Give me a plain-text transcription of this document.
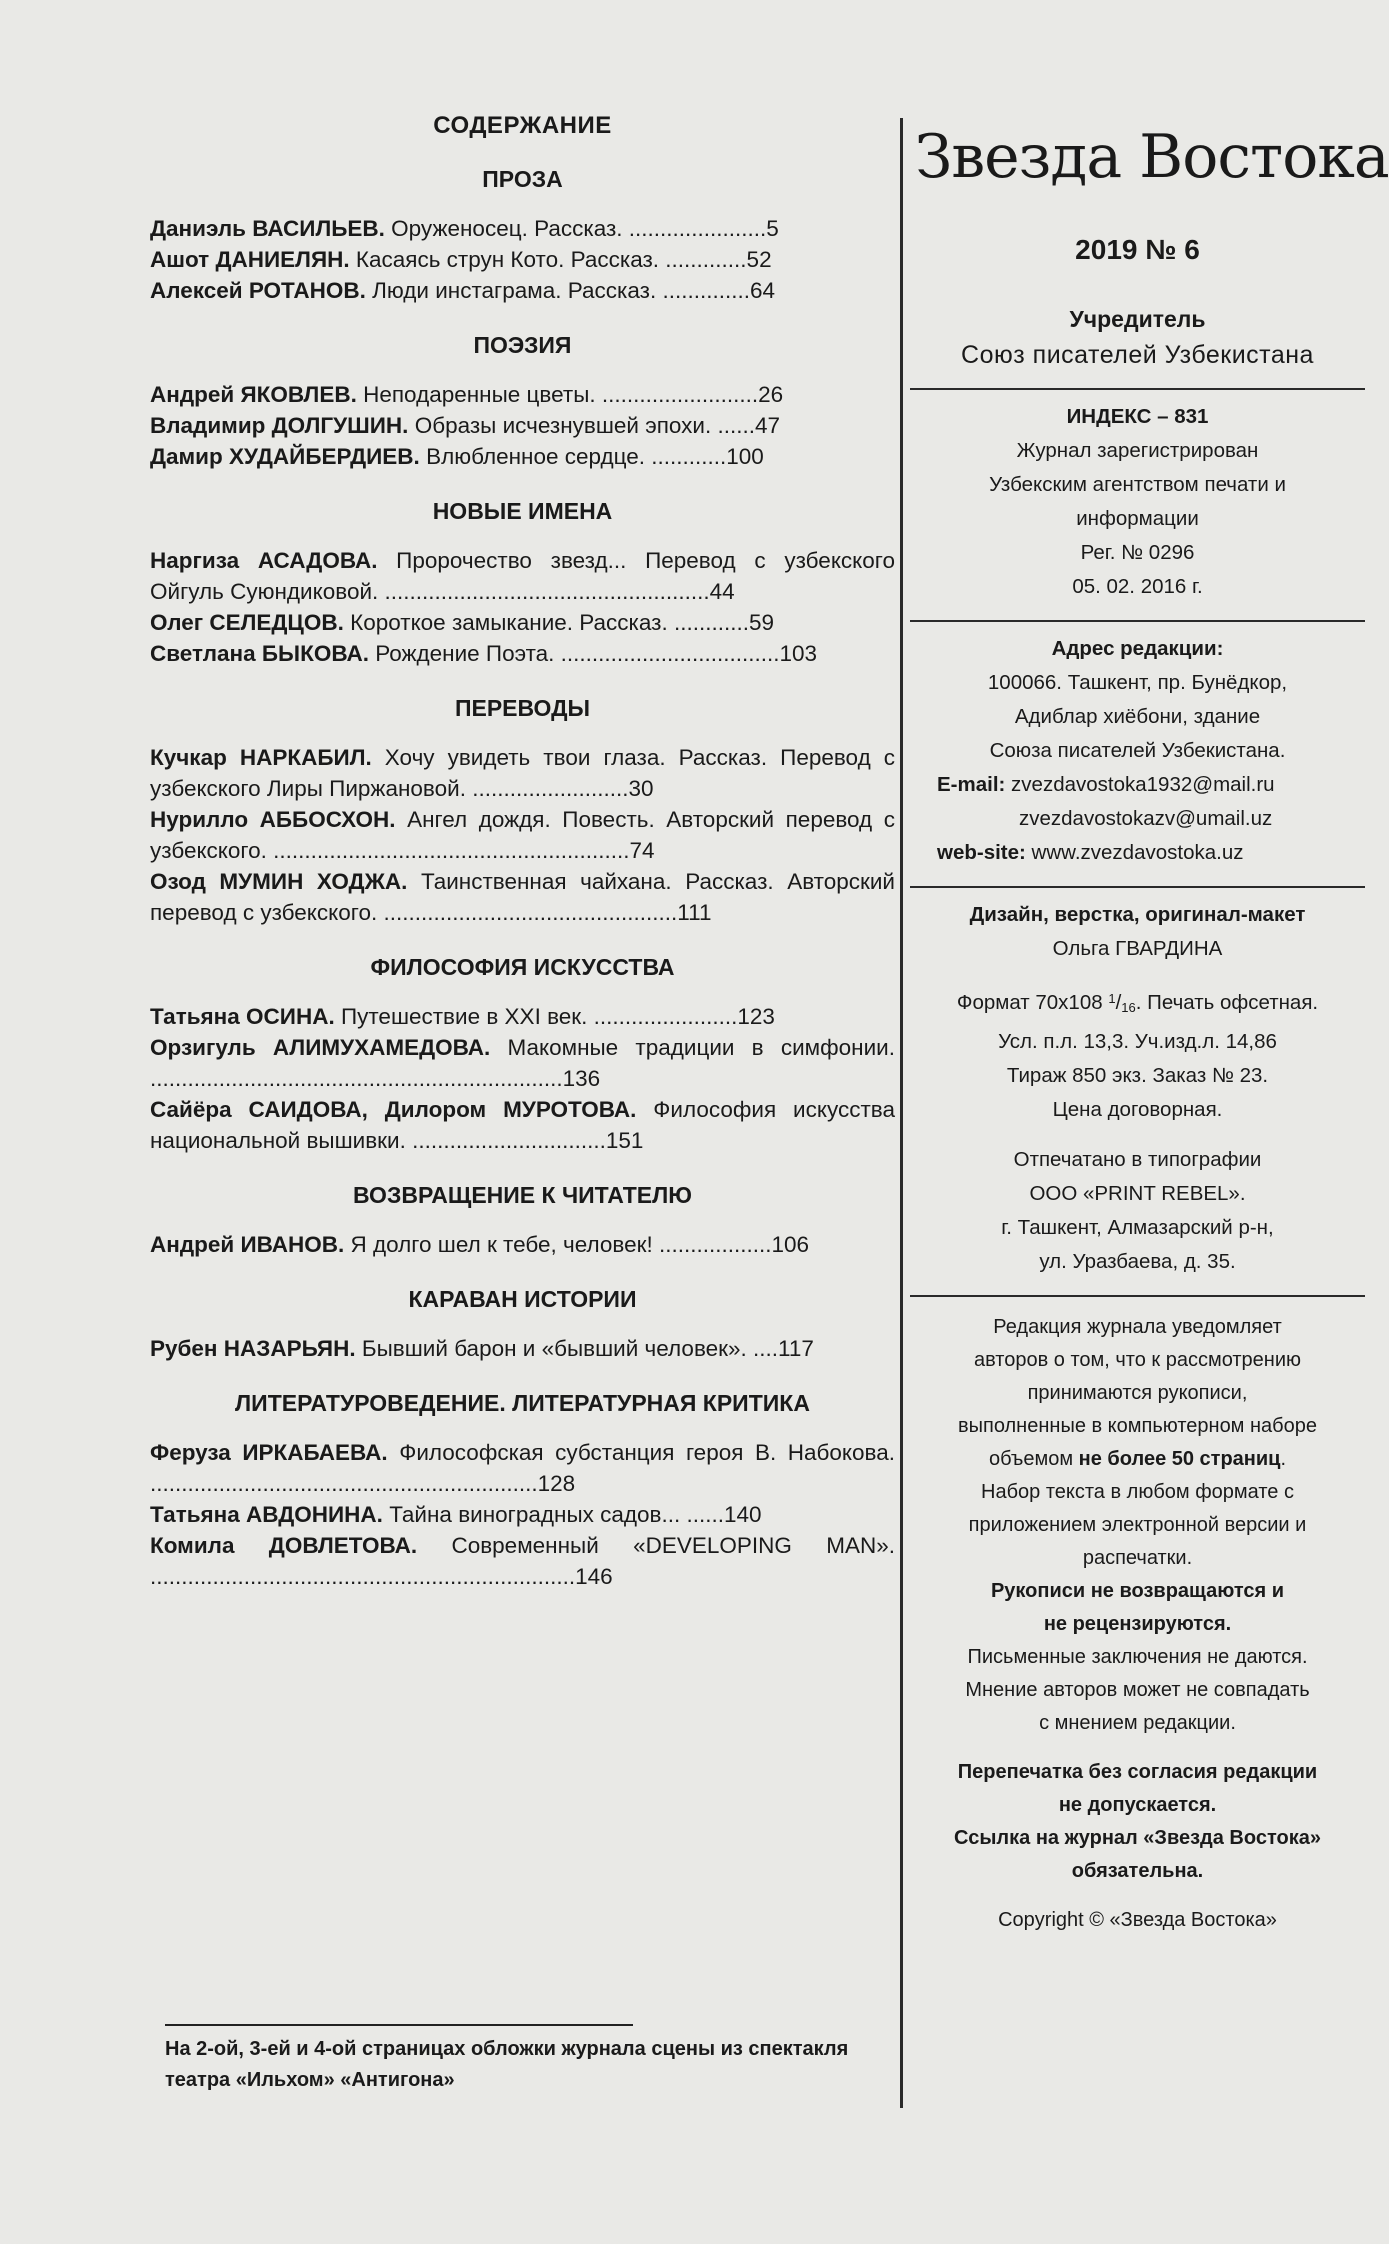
СОДЕРЖАНИЕ
ПРОЗА
Даниэль ВАСИЛЬЕВ. Оруженосец. Рассказ. ......................5
Ашот ДАНИЕЛЯН. Касаясь струн Кото. Рассказ. .............52
Алексей РОТАНОВ. Люди инстаграма. Рассказ. ..............64
ПОЭЗИЯ
Андрей ЯКОВЛЕВ. Неподаренные цветы. .........................26
Владимир ДОЛГУШИН. Образы исчезнувшей эпохи. ......47
Дамир ХУДАЙБЕРДИЕВ. Влюбленное сердце. ............100
НОВЫЕ ИМЕНА
Наргиза АСАДОВА. Пророчество звезд... Перевод с узбекского Ойгуль Суюндиковой. ....................................................44
Олег СЕЛЕДЦОВ. Короткое замыкание. Рассказ. ............59
Светлана БЫКОВА. Рождение Поэта. ...................................103
ПЕРЕВОДЫ
Кучкар НАРКАБИЛ. Хочу увидеть твои глаза. Рассказ. Перевод с узбекского Лиры Пиржановой. .........................30
Нурилло АББОСХОН. Ангел дождя. Повесть. Авторский перевод с узбекского. .........................................................74
Озод МУМИН ХОДЖА. Таинственная чайхана. Рассказ. Авторский перевод с узбекского. ...............................................111
ФИЛОСОФИЯ ИСКУССТВА
Татьяна ОСИНА. Путешествие в XXI век. .......................123
Орзигуль АЛИМУХАМЕДОВА. Макомные традиции в симфонии. ..................................................................136
Сайёра САИДОВА, Дилором МУРОТОВА. Философия искусства национальной вышивки. ...............................151
ВОЗВРАЩЕНИЕ К ЧИТАТЕЛЮ
Андрей ИВАНОВ. Я долго шел к тебе, человек! ..................106
КАРАВАН ИСТОРИИ
Рубен НАЗАРЬЯН. Бывший барон и «бывший человек». ....117
ЛИТЕРАТУРОВЕДЕНИЕ. ЛИТЕРАТУРНАЯ КРИТИКА
Феруза ИРКАБАЕВА. Философская субстанция героя В. Набокова. ..............................................................128
Татьяна АВДОНИНА. Тайна виноградных садов... ......140
Комила ДОВЛЕТОВА. Современный «DEVELOPING MAN». ....................................................................146
На 2-ой, 3-ей и 4-ой страницах обложки журнала сцены из спектакля театра «Ильхом» «Антигона»
Звезда Востока
2019 № 6
Учредитель
Союз писателей Узбекистана
ИНДЕКС – 831
Журнал зарегистрирован
Узбекским агентством печати и
информации
Рег. № 0296
05. 02. 2016 г.
Адрес редакции:
100066. Ташкент, пр. Бунёдкор,
Адиблар хиёбони, здание
Союза писателей Узбекистана.
E-mail: zvezdavostoka1932@mail.ru
zvezdavostokazv@umail.uz
web-site: www.zvezdavostoka.uz
Дизайн, верстка, оригинал-макет
Ольга ГВАРДИНА
Формат 70х108 $^1$/16. Печать офсетная.
Усл. п.л. 13,3. Уч.изд.л. 14,86
Тираж 850 экз. Заказ № 23.
Цена договорная.
Отпечатано в типографии
ООО «PRINT REBEL».
г. Ташкент, Алмазарский р-н,
ул. Уразбаева, д. 35.
Редакция журнала уведомляет
авторов о том, что к рассмотрению
принимаются рукописи,
выполненные в компьютерном наборе
объемом не более 50 страниц.
Набор текста в любом формате с
приложением электронной версии и
распечатки.
Рукописи не возвращаются и
не рецензируются.
Письменные заключения не даются.
Мнение авторов может не совпадать
с мнением редакции.
Перепечатка без согласия редакции
не допускается.
Ссылка на журнал «Звезда Востока»
обязательна.
Copyright © «Звезда Востока»
